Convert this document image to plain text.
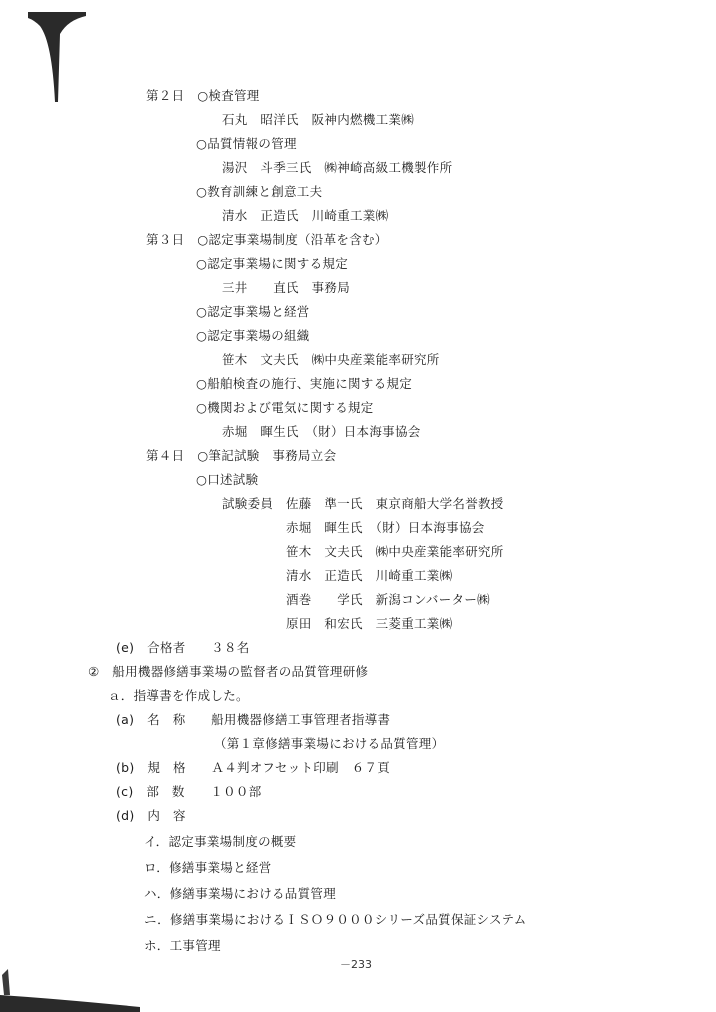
第２日　○検査管理
石丸　昭洋氏　阪神内燃機工業㈱
○品質情報の管理
湯沢　斗季三氏　㈱神崎高級工機製作所
○教育訓練と創意工夫
清水　正造氏　川崎重工業㈱
第３日　○認定事業場制度（沿革を含む）
○認定事業場に関する規定
三井　　直氏　事務局
○認定事業場と経営
○認定事業場の組織
笹木　文夫氏　㈱中央産業能率研究所
○船舶検査の施行、実施に関する規定
○機関および電気に関する規定
赤堀　暉生氏　（財）日本海事協会
第４日　○筆記試験　事務局立会
○口述試験
試験委員　佐藤　準一氏　東京商船大学名誉教授
赤堀　暉生氏　（財）日本海事協会
笹木　文夫氏　㈱中央産業能率研究所
清水　正造氏　川崎重工業㈱
酒巻　　学氏　新潟コンバーター㈱
原田　和宏氏　三菱重工業㈱
(e)　合格者　　３８名
②　船用機器修繕事業場の監督者の品質管理研修
ａ．指導書を作成した。
(a)　名　称　　船用機器修繕工事管理者指導書
（第１章修繕事業場における品質管理）
(b)　規　格　　Ａ４判オフセット印刷　６７頁
(c)　部　数　　１００部
(d)　内　容
イ．認定事業場制度の概要
ロ．修繕事業場と経営
ハ．修繕事業場における品質管理
ニ．修繕事業場におけるＩＳＯ９０００シリーズ品質保証システム
ホ．工事管理
－233
